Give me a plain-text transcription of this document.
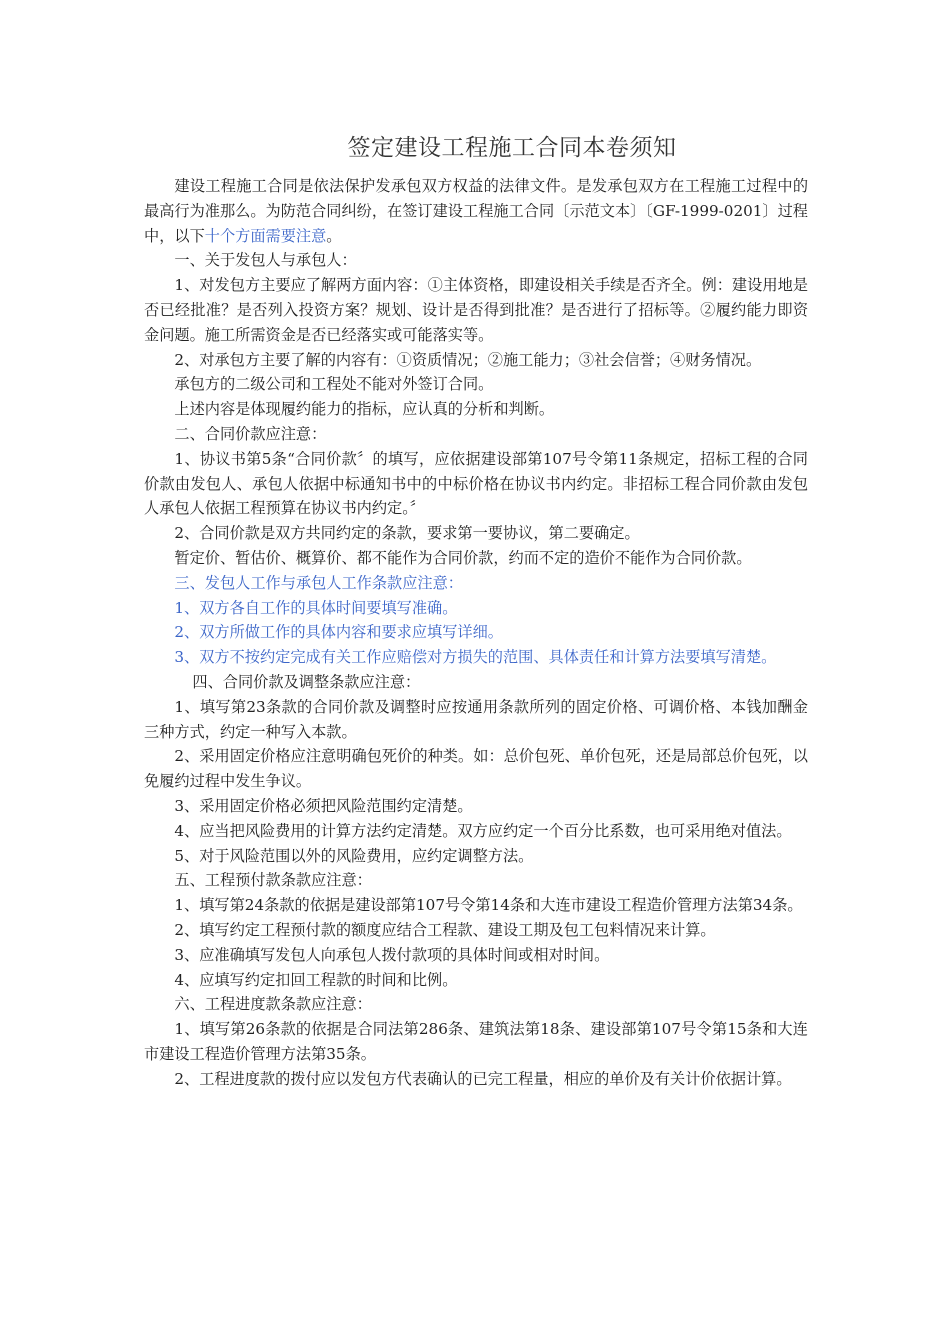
签定建设工程施工合同本卷须知

建设工程施工合同是依法保护发承包双方权益的法律文件。是发承包双方在工程施工过程中的最高行为准那么。为防范合同纠纷，在签订建设工程施工合同〔示范文本〕〔GF-1999-0201〕过程中，以下十个方面需要注意。

一、关于发包人与承包人：

1、对发包方主要应了解两方面内容：①主体资格，即建设相关手续是否齐全。例：建设用地是否已经批准？是否列入投资方案？规划、设计是否得到批准？是否进行了招标等。②履约能力即资金问题。施工所需资金是否已经落实或可能落实等。

2、对承包方主要了解的内容有：①资质情况；②施工能力；③社会信誉；④财务情况。

承包方的二级公司和工程处不能对外签订合同。

上述内容是体现履约能力的指标，应认真的分析和判断。

二、合同价款应注意：

1、协议书第5条“合同价款〞的填写，应依据建设部第107号令第11条规定，招标工程的合同价款由发包人、承包人依据中标通知书中的中标价格在协议书内约定。非招标工程合同价款由发包人承包人依据工程预算在协议书内约定。〞

2、合同价款是双方共同约定的条款，要求第一要协议，第二要确定。

暂定价、暂估价、概算价、都不能作为合同价款，约而不定的造价不能作为合同价款。

三、发包人工作与承包人工作条款应注意：

1、双方各自工作的具体时间要填写准确。

2、双方所做工作的具体内容和要求应填写详细。

3、双方不按约定完成有关工作应赔偿对方损失的范围、具体责任和计算方法要填写清楚。

四、合同价款及调整条款应注意：

1、填写第23条款的合同价款及调整时应按通用条款所列的固定价格、可调价格、本钱加酬金三种方式，约定一种写入本款。

2、采用固定价格应注意明确包死价的种类。如：总价包死、单价包死，还是局部总价包死，以免履约过程中发生争议。

3、采用固定价格必须把风险范围约定清楚。

4、应当把风险费用的计算方法约定清楚。双方应约定一个百分比系数，也可采用绝对值法。

5、对于风险范围以外的风险费用，应约定调整方法。

五、工程预付款条款应注意：

1、填写第24条款的依据是建设部第107号令第14条和大连市建设工程造价管理方法第34条。

2、填写约定工程预付款的额度应结合工程款、建设工期及包工包料情况来计算。

3、应准确填写发包人向承包人拨付款项的具体时间或相对时间。

4、应填写约定扣回工程款的时间和比例。

六、工程进度款条款应注意：

1、填写第26条款的依据是合同法第286条、建筑法第18条、建设部第107号令第15条和大连市建设工程造价管理方法第35条。

2、工程进度款的拨付应以发包方代表确认的已完工程量，相应的单价及有关计价依据计算。
